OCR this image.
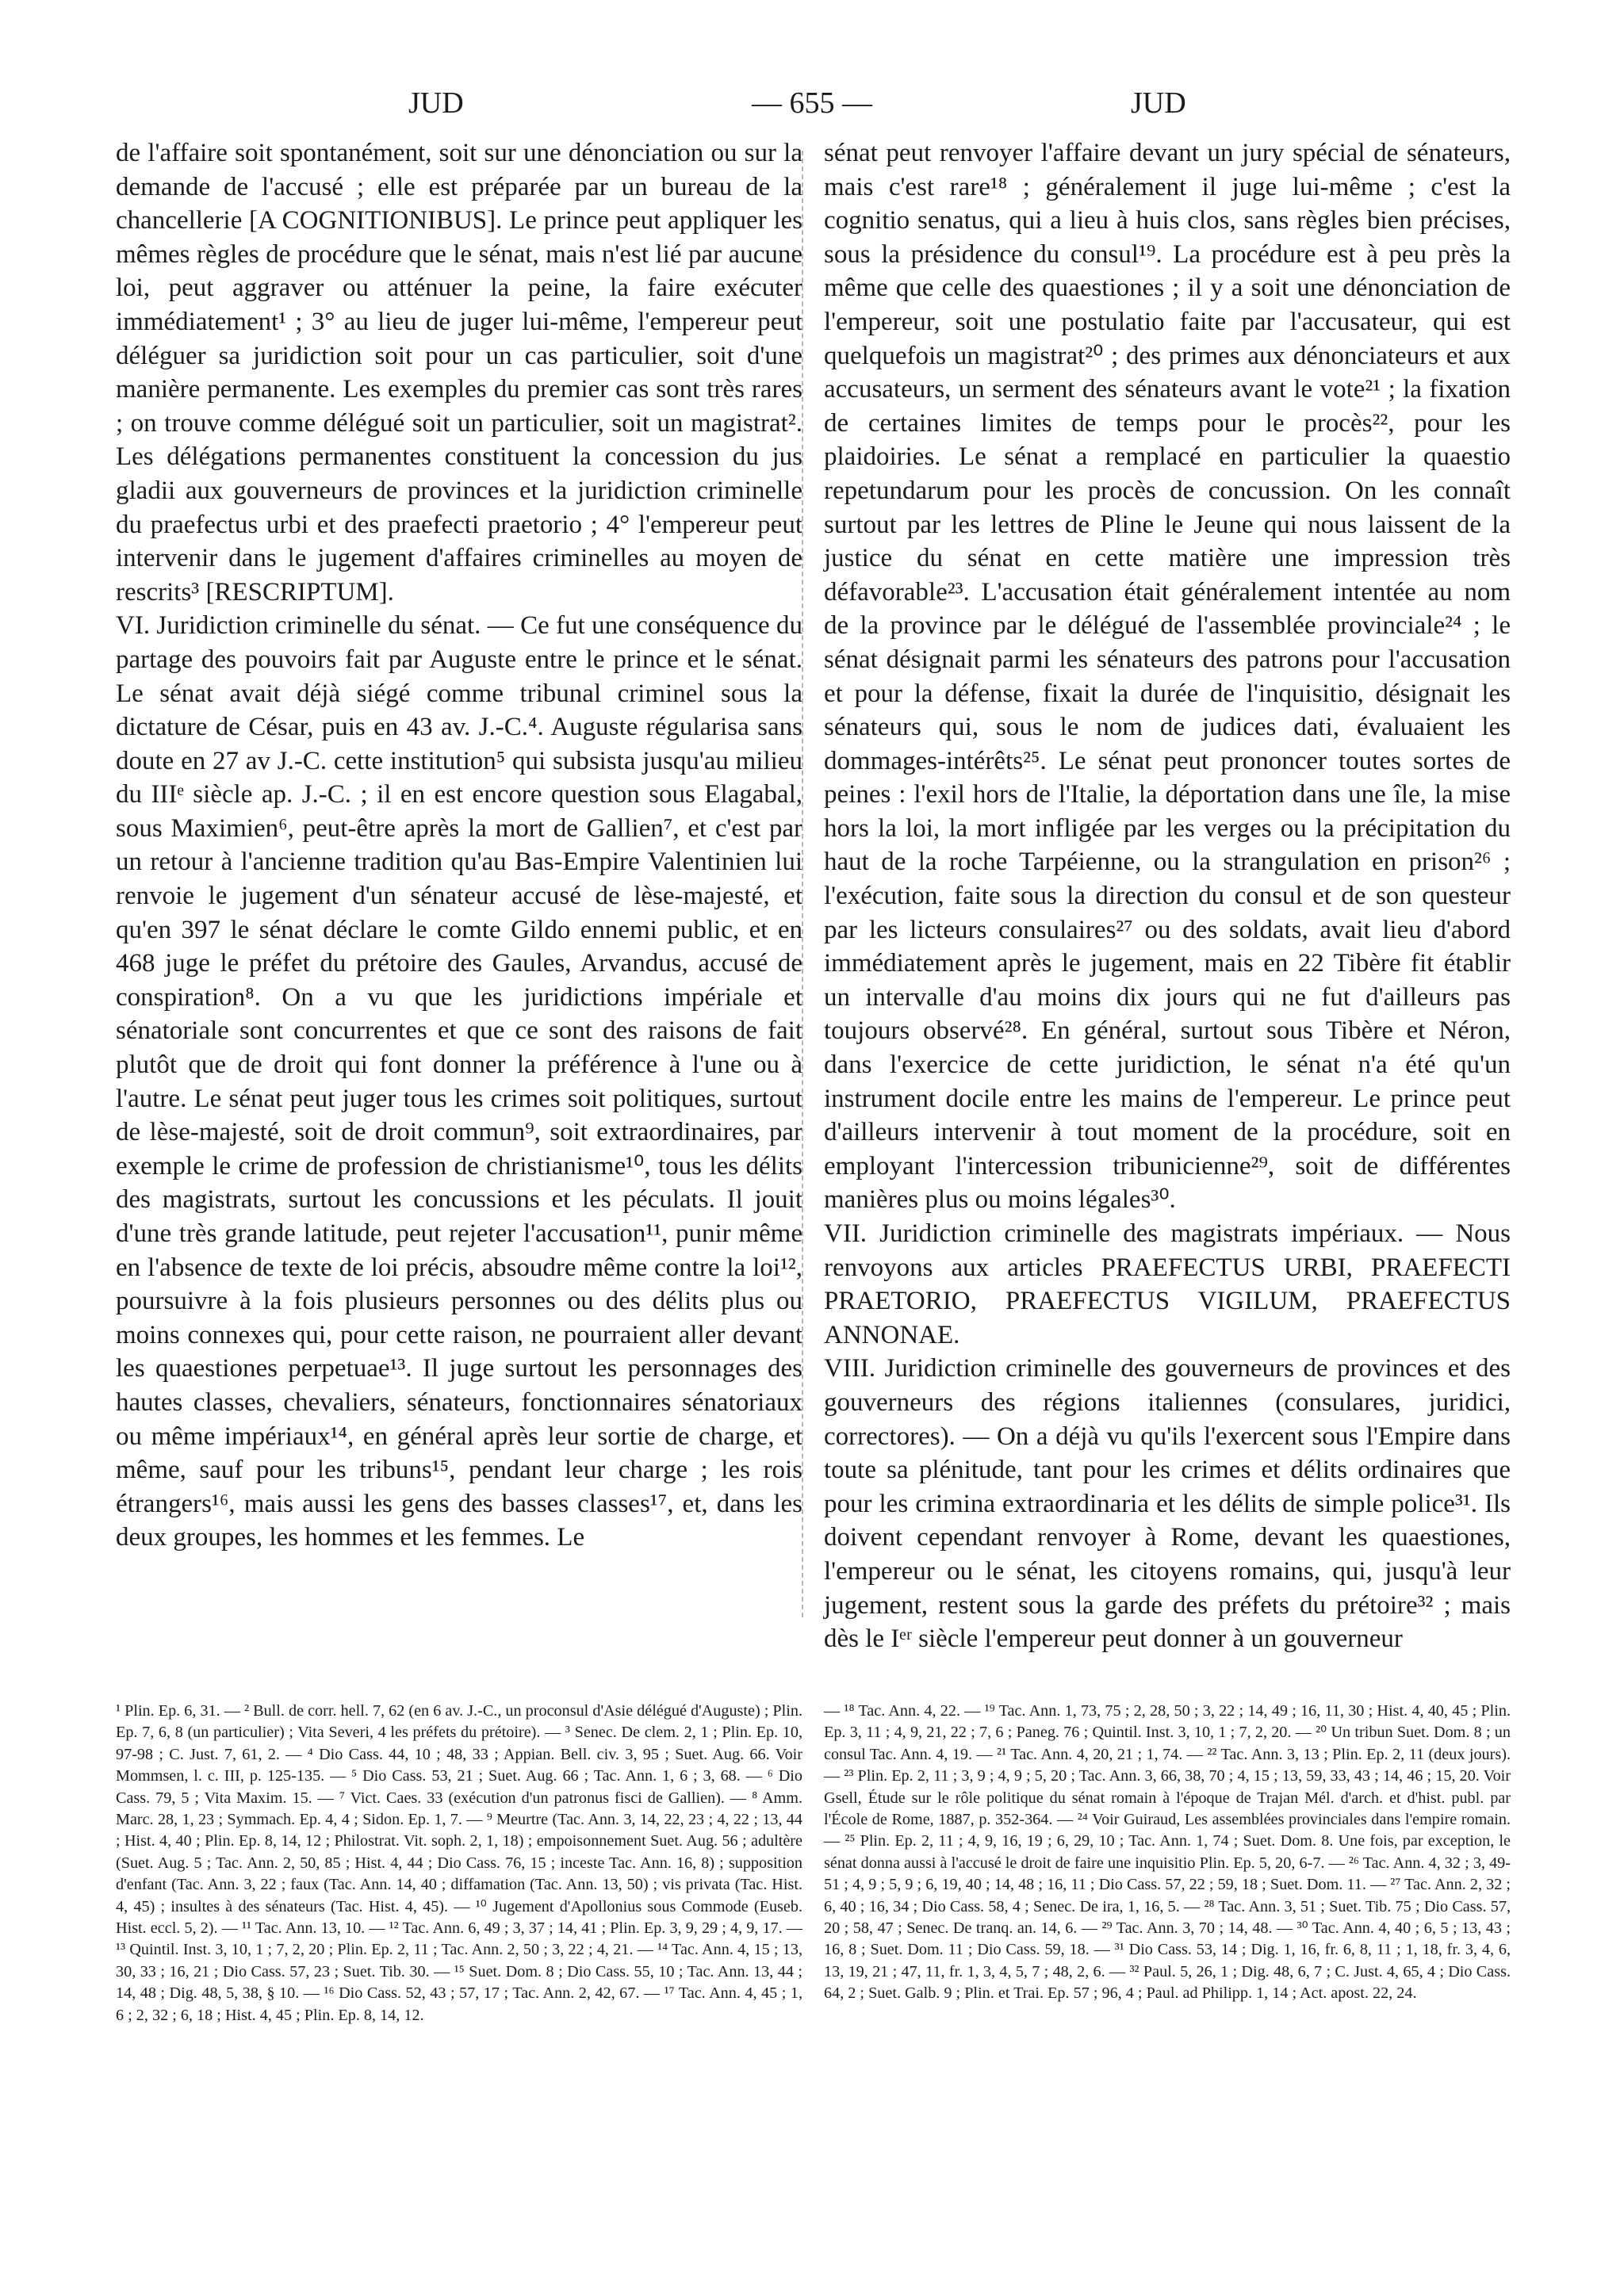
JUD	— 655 —	JUD

de l'affaire soit spontanément, soit sur une dénonciation ou sur la demande de l'accusé ; elle est préparée par un bureau de la chancellerie [A COGNITIONIBUS]. Le prince peut appliquer les mêmes règles de procédure que le sénat, mais n'est lié par aucune loi, peut aggraver ou atténuer la peine, la faire exécuter immédiatement¹ ; 3° au lieu de juger lui-même, l'empereur peut déléguer sa juridiction soit pour un cas particulier, soit d'une manière permanente. Les exemples du premier cas sont très rares ; on trouve comme délégué soit un particulier, soit un magistrat². Les délégations permanentes constituent la concession du jus gladii aux gouverneurs de provinces et la juridiction criminelle du praefectus urbi et des praefecti praetorio ; 4° l'empereur peut intervenir dans le jugement d'affaires criminelles au moyen de rescrits³ [RESCRIPTUM].

VI. Juridiction criminelle du sénat. — Ce fut une conséquence du partage des pouvoirs fait par Auguste entre le prince et le sénat. Le sénat avait déjà siégé comme tribunal criminel sous la dictature de César, puis en 43 av. J.-C.⁴. Auguste régularisa sans doute en 27 av J.-C. cette institution⁵ qui subsista jusqu'au milieu du IIIᵉ siècle ap. J.-C. ; il en est encore question sous Elagabal, sous Maximien⁶, peut-être après la mort de Gallien⁷, et c'est par un retour à l'ancienne tradition qu'au Bas-Empire Valentinien lui renvoie le jugement d'un sénateur accusé de lèse-majesté, et qu'en 397 le sénat déclare le comte Gildo ennemi public, et en 468 juge le préfet du prétoire des Gaules, Arvandus, accusé de conspiration⁸. On a vu que les juridictions impériale et sénatoriale sont concurrentes et que ce sont des raisons de fait plutôt que de droit qui font donner la préférence à l'une ou à l'autre. Le sénat peut juger tous les crimes soit politiques, surtout de lèse-majesté, soit de droit commun⁹, soit extraordinaires, par exemple le crime de profession de christianisme¹⁰, tous les délits des magistrats, surtout les concussions et les péculats. Il jouit d'une très grande latitude, peut rejeter l'accusation¹¹, punir même en l'absence de texte de loi précis, absoudre même contre la loi¹², poursuivre à la fois plusieurs personnes ou des délits plus ou moins connexes qui, pour cette raison, ne pourraient aller devant les quaestiones perpetuae¹³. Il juge surtout les personnages des hautes classes, chevaliers, sénateurs, fonctionnaires sénatoriaux ou même impériaux¹⁴, en général après leur sortie de charge, et même, sauf pour les tribuns¹⁵, pendant leur charge ; les rois étrangers¹⁶, mais aussi les gens des basses classes¹⁷, et, dans les deux groupes, les hommes et les femmes. Le

sénat peut renvoyer l'affaire devant un jury spécial de sénateurs, mais c'est rare¹⁸ ; généralement il juge lui-même ; c'est la cognitio senatus, qui a lieu à huis clos, sans règles bien précises, sous la présidence du consul¹⁹. La procédure est à peu près la même que celle des quaestiones ; il y a soit une dénonciation de l'empereur, soit une postulatio faite par l'accusateur, qui est quelquefois un magistrat²⁰ ; des primes aux dénonciateurs et aux accusateurs, un serment des sénateurs avant le vote²¹ ; la fixation de certaines limites de temps pour le procès²², pour les plaidoiries. Le sénat a remplacé en particulier la quaestio repetundarum pour les procès de concussion. On les connaît surtout par les lettres de Pline le Jeune qui nous laissent de la justice du sénat en cette matière une impression très défavorable²³. L'accusation était généralement intentée au nom de la province par le délégué de l'assemblée provinciale²⁴ ; le sénat désignait parmi les sénateurs des patrons pour l'accusation et pour la défense, fixait la durée de l'inquisitio, désignait les sénateurs qui, sous le nom de judices dati, évaluaient les dommages-intérêts²⁵. Le sénat peut prononcer toutes sortes de peines : l'exil hors de l'Italie, la déportation dans une île, la mise hors la loi, la mort infligée par les verges ou la précipitation du haut de la roche Tarpéienne, ou la strangulation en prison²⁶ ; l'exécution, faite sous la direction du consul et de son questeur par les licteurs consulaires²⁷ ou des soldats, avait lieu d'abord immédiatement après le jugement, mais en 22 Tibère fit établir un intervalle d'au moins dix jours qui ne fut d'ailleurs pas toujours observé²⁸. En général, surtout sous Tibère et Néron, dans l'exercice de cette juridiction, le sénat n'a été qu'un instrument docile entre les mains de l'empereur. Le prince peut d'ailleurs intervenir à tout moment de la procédure, soit en employant l'intercession tribunicienne²⁹, soit de différentes manières plus ou moins légales³⁰.

VII. Juridiction criminelle des magistrats impériaux. — Nous renvoyons aux articles PRAEFECTUS URBI, PRAEFECTI PRAETORIO, PRAEFECTUS VIGILUM, PRAEFECTUS ANNONAE.

VIII. Juridiction criminelle des gouverneurs de provinces et des gouverneurs des régions italiennes (consulares, juridici, correctores). — On a déjà vu qu'ils l'exercent sous l'Empire dans toute sa plénitude, tant pour les crimes et délits ordinaires que pour les crimina extraordinaria et les délits de simple police³¹. Ils doivent cependant renvoyer à Rome, devant les quaestiones, l'empereur ou le sénat, les citoyens romains, qui, jusqu'à leur jugement, restent sous la garde des préfets du prétoire³² ; mais dès le Iᵉʳ siècle l'empereur peut donner à un gouverneur

¹ Plin. Ep. 6, 31. — ² Bull. de corr. hell. 7, 62 (en 6 av. J.-C., un proconsul d'Asie délégué d'Auguste) ; Plin. Ep. 7, 6, 8 (un particulier) ; Vita Severi, 4 les préfets du prétoire). — ³ Senec. De clem. 2, 1 ; Plin. Ep. 10, 97-98 ; C. Just. 7, 61, 2. — ⁴ Dio Cass. 44, 10 ; 48, 33 ; Appian. Bell. civ. 3, 95 ; Suet. Aug. 66. Voir Mommsen, l. c. III, p. 125-135. — ⁵ Dio Cass. 53, 21 ; Suet. Aug. 66 ; Tac. Ann. 1, 6 ; 3, 68. — ⁶ Dio Cass. 79, 5 ; Vita Maxim. 15. — ⁷ Vict. Caes. 33 (exécution d'un patronus fisci de Gallien). — ⁸ Amm. Marc. 28, 1, 23 ; Symmach. Ep. 4, 4 ; Sidon. Ep. 1, 7. — ⁹ Meurtre (Tac. Ann. 3, 14, 22, 23 ; 4, 22 ; 13, 44 ; Hist. 4, 40 ; Plin. Ep. 8, 14, 12 ; Philostrat. Vit. soph. 2, 1, 18) ; empoisonnement Suet. Aug. 56 ; adultère (Suet. Aug. 5 ; Tac. Ann. 2, 50, 85 ; Hist. 4, 44 ; Dio Cass. 76, 15 ; inceste Tac. Ann. 16, 8) ; supposition d'enfant (Tac. Ann. 3, 22 ; faux (Tac. Ann. 14, 40 ; diffamation (Tac. Ann. 13, 50) ; vis privata (Tac. Hist. 4, 45) ; insultes à des sénateurs (Tac. Hist. 4, 45). — ¹⁰ Jugement d'Apollonius sous Commode (Euseb. Hist. eccl. 5, 2). — ¹¹ Tac. Ann. 13, 10. — ¹² Tac. Ann. 6, 49 ; 3, 37 ; 14, 41 ; Plin. Ep. 3, 9, 29 ; 4, 9, 17. — ¹³ Quintil. Inst. 3, 10, 1 ; 7, 2, 20 ; Plin. Ep. 2, 11 ; Tac. Ann. 2, 50 ; 3, 22 ; 4, 21. — ¹⁴ Tac. Ann. 4, 15 ; 13, 30, 33 ; 16, 21 ; Dio Cass. 57, 23 ; Suet. Tib. 30. — ¹⁵ Suet. Dom. 8 ; Dio Cass. 55, 10 ; Tac. Ann. 13, 44 ; 14, 48 ; Dig. 48, 5, 38, § 10. — ¹⁶ Dio Cass. 52, 43 ; 57, 17 ; Tac. Ann. 2, 42, 67. — ¹⁷ Tac. Ann. 4, 45 ; 1, 6 ; 2, 32 ; 6, 18 ; Hist. 4, 45 ; Plin. Ep. 8, 14, 12.

— ¹⁸ Tac. Ann. 4, 22. — ¹⁹ Tac. Ann. 1, 73, 75 ; 2, 28, 50 ; 3, 22 ; 14, 49 ; 16, 11, 30 ; Hist. 4, 40, 45 ; Plin. Ep. 3, 11 ; 4, 9, 21, 22 ; 7, 6 ; Paneg. 76 ; Quintil. Inst. 3, 10, 1 ; 7, 2, 20. — ²⁰ Un tribun Suet. Dom. 8 ; un consul Tac. Ann. 4, 19. — ²¹ Tac. Ann. 4, 20, 21 ; 1, 74. — ²² Tac. Ann. 3, 13 ; Plin. Ep. 2, 11 (deux jours). — ²³ Plin. Ep. 2, 11 ; 3, 9 ; 4, 9 ; 5, 20 ; Tac. Ann. 3, 66, 38, 70 ; 4, 15 ; 13, 59, 33, 43 ; 14, 46 ; 15, 20. Voir Gsell, Étude sur le rôle politique du sénat romain à l'époque de Trajan Mél. d'arch. et d'hist. publ. par l'École de Rome, 1887, p. 352-364. — ²⁴ Voir Guiraud, Les assemblées provinciales dans l'empire romain. — ²⁵ Plin. Ep. 2, 11 ; 4, 9, 16, 19 ; 6, 29, 10 ; Tac. Ann. 1, 74 ; Suet. Dom. 8. Une fois, par exception, le sénat donna aussi à l'accusé le droit de faire une inquisitio Plin. Ep. 5, 20, 6-7. — ²⁶ Tac. Ann. 4, 32 ; 3, 49-51 ; 4, 9 ; 5, 9 ; 6, 19, 40 ; 14, 48 ; 16, 11 ; Dio Cass. 57, 22 ; 59, 18 ; Suet. Dom. 11. — ²⁷ Tac. Ann. 2, 32 ; 6, 40 ; 16, 34 ; Dio Cass. 58, 4 ; Senec. De ira, 1, 16, 5. — ²⁸ Tac. Ann. 3, 51 ; Suet. Tib. 75 ; Dio Cass. 57, 20 ; 58, 47 ; Senec. De tranq. an. 14, 6. — ²⁹ Tac. Ann. 3, 70 ; 14, 48. — ³⁰ Tac. Ann. 4, 40 ; 6, 5 ; 13, 43 ; 16, 8 ; Suet. Dom. 11 ; Dio Cass. 59, 18. — ³¹ Dio Cass. 53, 14 ; Dig. 1, 16, fr. 6, 8, 11 ; 1, 18, fr. 3, 4, 6, 13, 19, 21 ; 47, 11, fr. 1, 3, 4, 5, 7 ; 48, 2, 6. — ³² Paul. 5, 26, 1 ; Dig. 48, 6, 7 ; C. Just. 4, 65, 4 ; Dio Cass. 64, 2 ; Suet. Galb. 9 ; Plin. et Trai. Ep. 57 ; 96, 4 ; Paul. ad Philipp. 1, 14 ; Act. apost. 22, 24.
